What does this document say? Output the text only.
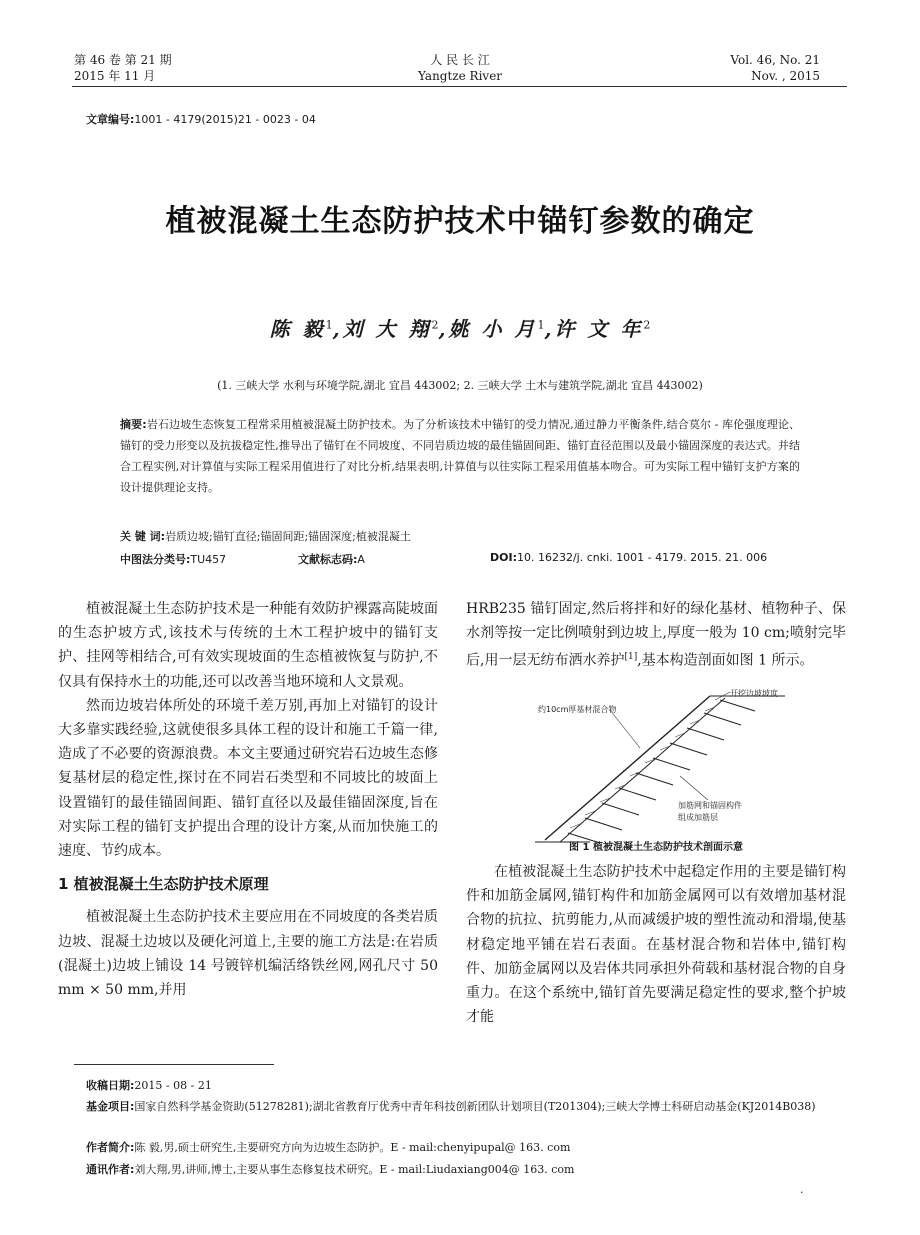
第 46 卷 第 21 期
2015 年 11 月
人 民 长 江
Yangtze River
Vol. 46, No. 21
Nov. , 2015
文章编号:1001 - 4179(2015)21 - 0023 - 04
植被混凝土生态防护技术中锚钉参数的确定
陈 毅$^1$,刘 大 翔$^2$,姚 小 月$^1$,许 文 年$^2$
(1. 三峡大学 水利与环境学院,湖北 宜昌 443002; 2. 三峡大学 土木与建筑学院,湖北 宜昌 443002)
摘要:岩石边坡生态恢复工程常采用植被混凝土防护技术。为了分析该技术中锚钉的受力情况,通过静力平衡条件,结合莫尔 - 库伦强度理论、锚钉的受力形变以及抗拔稳定性,推导出了锚钉在不同坡度、不同岩质边坡的最佳锚固间距、锚钉直径范围以及最小锚固深度的表达式。并结合工程实例,对计算值与实际工程采用值进行了对比分析,结果表明,计算值与以往实际工程采用值基本吻合。可为实际工程中锚钉支护方案的设计提供理论支持。
关 键 词:岩质边坡;锚钉直径;锚固间距;锚固深度;植被混凝土
中图法分类号:TU457	文献标志码:A	DOI:10. 16232/j. cnki. 1001 - 4179. 2015. 21. 006

植被混凝土生态防护技术是一种能有效防护裸露高陡坡面的生态护坡方式,该技术与传统的土木工程护坡中的锚钉支护、挂网等相结合,可有效实现坡面的生态植被恢复与防护,不仅具有保持水土的功能,还可以改善当地环境和人文景观。

然而边坡岩体所处的环境千差万别,再加上对锚钉的设计大多靠实践经验,这就使很多具体工程的设计和施工千篇一律,造成了不必要的资源浪费。本文主要通过研究岩石边坡生态修复基材层的稳定性,探讨在不同岩石类型和不同坡比的坡面上设置锚钉的最佳锚固间距、锚钉直径以及最佳锚固深度,旨在对实际工程的锚钉支护提出合理的设计方案,从而加快施工的速度、节约成本。

1 植被混凝土生态防护技术原理

植被混凝土生态防护技术主要应用在不同坡度的各类岩质边坡、混凝土边坡以及硬化河道上,主要的施工方法是:在岩质(混凝土)边坡上铺设 14 号镀锌机编活络铁丝网,网孔尺寸 50 mm × 50 mm,并用

HRB235 锚钉固定,然后将拌和好的绿化基材、植物种子、保水剂等按一定比例喷射到边坡上,厚度一般为 10 cm;喷射完毕后,用一层无纺布洒水养护[1],基本构造剖面如图 1 所示。

约10cm厚基材混合物
开挖边坡坡度
加筋网和锚固构件
组成加筋层
图 1 植被混凝土生态防护技术剖面示意

在植被混凝土生态防护技术中起稳定作用的主要是锚钉构件和加筋金属网,锚钉构件和加筋金属网可以有效增加基材混合物的抗拉、抗剪能力,从而减缓护坡的塑性流动和滑塌,使基材稳定地平铺在岩石表面。在基材混合物和岩体中,锚钉构件、加筋金属网以及岩体共同承担外荷载和基材混合物的自身重力。在这个系统中,锚钉首先要满足稳定性的要求,整个护坡才能

收稿日期:2015 - 08 - 21
基金项目:国家自然科学基金资助(51278281);湖北省教育厅优秀中青年科技创新团队计划项目(T201304);三峡大学博士科研启动基金(KJ2014B038)
作者简介:陈 毅,男,硕士研究生,主要研究方向为边坡生态防护。E - mail:chenyipupal@ 163. com
通讯作者:刘大翔,男,讲师,博士,主要从事生态修复技术研究。E - mail:Liudaxiang004@ 163. com
·
